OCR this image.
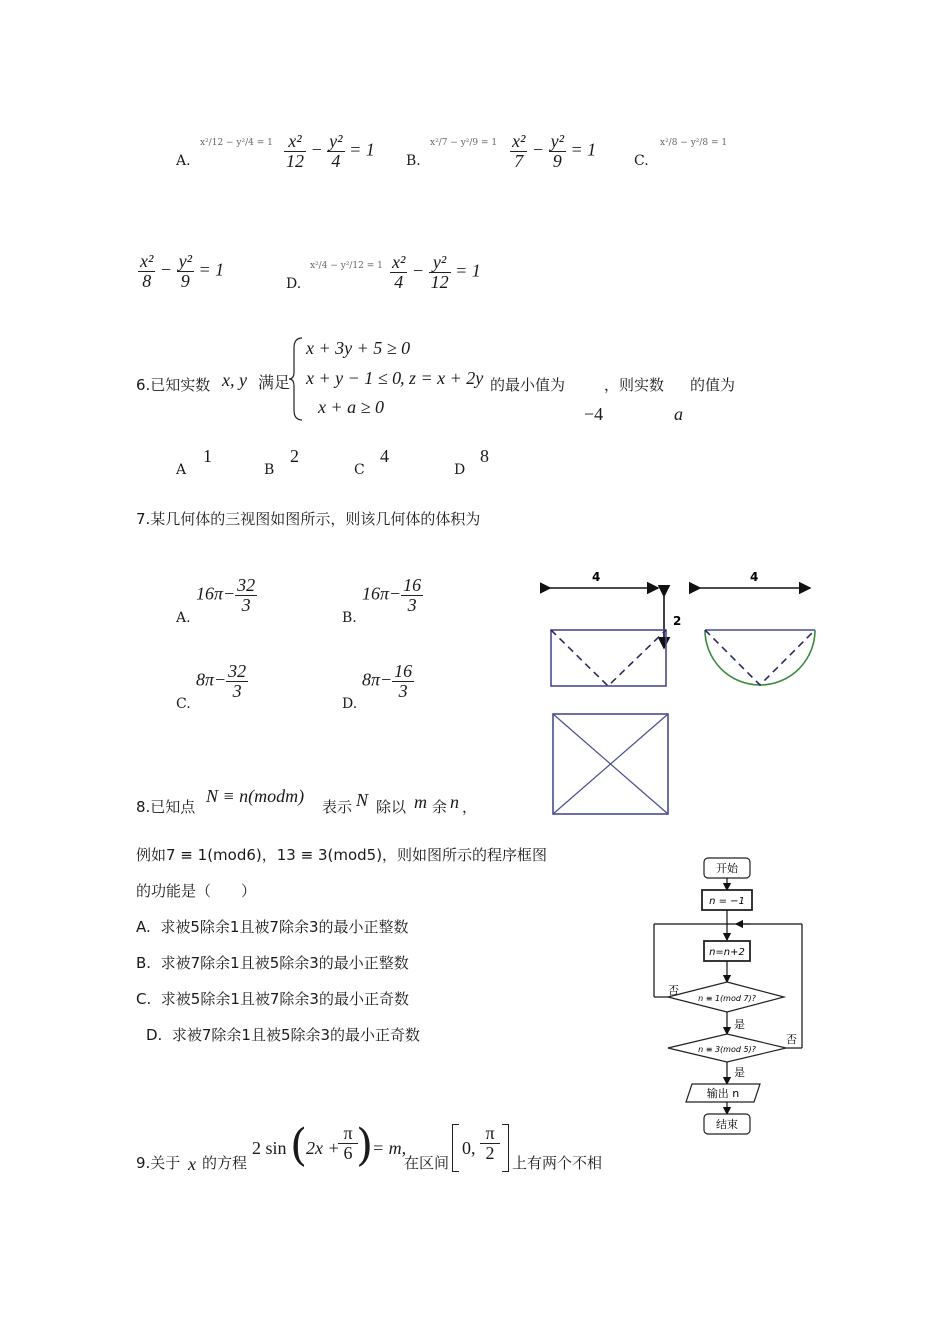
A.
$x^2/12 - y^2/4 = 1 \frac{\text{x²}}{12} - \frac{\text{y²}}{4} = 1$
B.
$x^2/7 - y^2/9 = 1 \frac{\text{x²}}{7} - \frac{\text{y²}}{9} = 1$
C.
x²/8 − y²/8 = 1
$\frac{\text{x²}}{8} - \frac{\text{y²}}{9} = 1$
D.
$x^2/4 - y^2/12 = 1 \frac{\text{x²}}{4} - \frac{\text{y²}}{12} = 1$
6.已知实数 x, y 满足
x + 3y + 5 ≥ 0
x + y − 1 ≤ 0
x + a ≥ 0
, z = x + 2y 的最小值为	，则实数 的值为
−4	a
A
1
B
2
C
4
D
8
7.某几何体的三视图如图所示，则该几何体的体积为
A.
$16\pi- \frac{32}{3}$
B.
$16\pi- \frac{16}{3}$
C.
$8\pi- \frac{32}{3}$
D.
$8\pi- \frac{16}{3}$
4
2
4
8.已知点
N ≡ n(modm)
表示 N 除以 m 余 n ，
例如7 ≡ 1(mod6)，13 ≡ 3(mod5)，则如图所示的程序框图
的功能是（　　）
A. 求被5除余1且被7除余3的最小正整数
B. 求被7除余1且被5除余3的最小正整数
C. 求被5除余1且被7除余3的最小正奇数
D. 求被7除余1且被5除余3的最小正奇数
开始
n = −1
n=n+2
n ≡ 1(mod 7)?
否
是
n ≡ 3(mod 5)?
否
是
输出 n
结束
9.关于 x 的方程
2 sin (
2x +
$\frac{\pi}{6}$
)
= m,
在区间
0, $\frac{\pi}{2}$
上有两个不相
